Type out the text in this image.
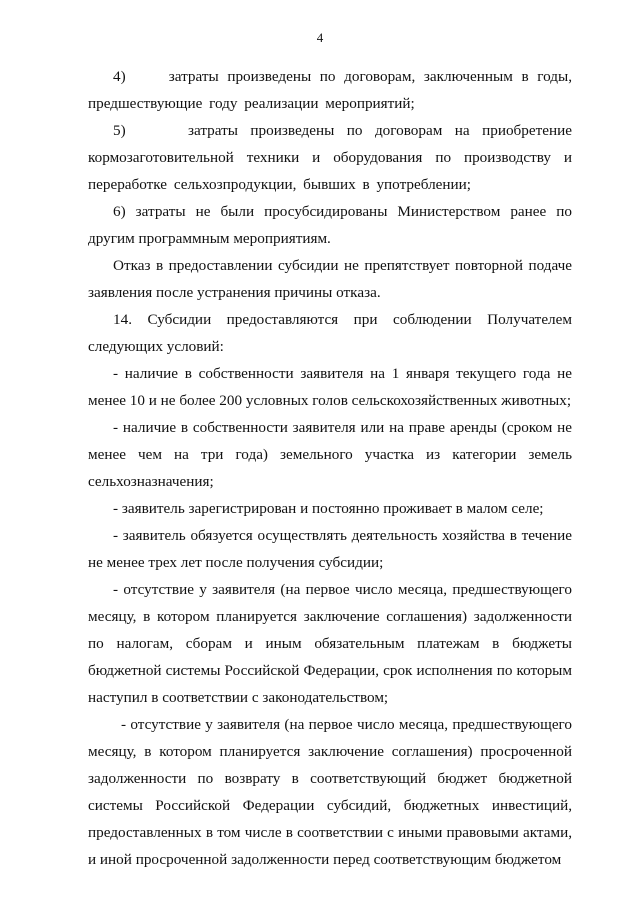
4

4)     затраты произведены по договорам, заключенным в годы, предшествующие году реализации мероприятий;

5)     затраты произведены по договорам на приобретение кормозаготовительной техники и оборудования по производству и переработке сельхозпродукции, бывших в употреблении;

6) затраты не были просубсидированы Министерством ранее по другим программным мероприятиям.

Отказ в предоставлении субсидии не препятствует повторной подаче заявления после устранения причины отказа.

14. Субсидии предоставляются при соблюдении Получателем следующих условий:

- наличие в собственности заявителя на 1 января текущего года не менее 10 и не более 200 условных голов сельскохозяйственных животных;

- наличие в собственности заявителя или на праве аренды (сроком не менее чем на три года) земельного участка из категории земель сельхозназначения;

- заявитель зарегистрирован и постоянно проживает в малом селе;

- заявитель обязуется осуществлять деятельность хозяйства в течение не менее трех лет после получения субсидии;

- отсутствие у заявителя (на первое число месяца, предшествующего месяцу, в котором планируется заключение соглашения) задолженности по налогам, сборам и иным обязательным платежам в бюджеты бюджетной системы Российской Федерации, срок исполнения по которым наступил в соответствии с законодательством;

- отсутствие у заявителя (на первое число месяца, предшествующего месяцу, в котором планируется заключение соглашения) просроченной задолженности по возврату в соответствующий бюджет бюджетной системы Российской Федерации субсидий, бюджетных инвестиций, предоставленных в том числе в соответствии с иными правовыми актами, и иной просроченной задолженности перед соответствующим бюджетом
